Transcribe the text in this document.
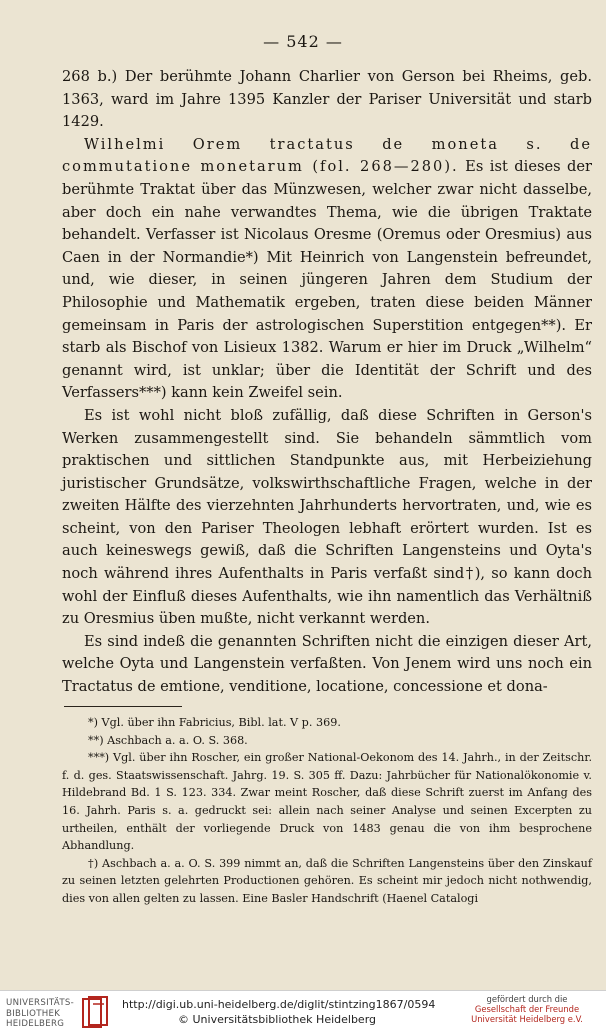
— 542 —

268 b.) Der berühmte Johann Charlier von Gerson bei Rheims, geb. 1363, ward im Jahre 1395 Kanzler der Pariser Universität und starb 1429.

Wilhelmi Orem tractatus de moneta s. de commutatione monetarum (fol. 268—280). Es ist dieses der berühmte Traktat über das Münzwesen, welcher zwar nicht dasselbe, aber doch ein nahe verwandtes Thema, wie die übrigen Traktate behandelt. Verfasser ist Nicolaus Oresme (Oremus oder Oresmius) aus Caen in der Normandie*) Mit Heinrich von Langenstein befreundet, und, wie dieser, in seinen jüngeren Jahren dem Studium der Philosophie und Mathematik ergeben, traten diese beiden Männer gemeinsam in Paris der astrologischen Superstition entgegen**). Er starb als Bischof von Lisieux 1382. Warum er hier im Druck „Wilhelm“ genannt wird, ist unklar; über die Identität der Schrift und des Verfassers***) kann kein Zweifel sein.

Es ist wohl nicht bloß zufällig, daß diese Schriften in Gerson's Werken zusammengestellt sind. Sie behandeln sämmtlich vom praktischen und sittlichen Standpunkte aus, mit Herbeiziehung juristischer Grundsätze, volkswirthschaftliche Fragen, welche in der zweiten Hälfte des vierzehnten Jahrhunderts hervortraten, und, wie es scheint, von den Pariser Theologen lebhaft erörtert wurden. Ist es auch keineswegs gewiß, daß die Schriften Langensteins und Oyta's noch während ihres Aufenthalts in Paris verfaßt sind†), so kann doch wohl der Einfluß dieses Aufenthalts, wie ihn namentlich das Verhältniß zu Oresmius üben mußte, nicht verkannt werden.

Es sind indeß die genannten Schriften nicht die einzigen dieser Art, welche Oyta und Langenstein verfaßten. Von Jenem wird uns noch ein Tractatus de emtione, venditione, locatione, concessione et dona-

*) Vgl. über ihn Fabricius, Bibl. lat. V p. 369.

**) Aschbach a. a. O. S. 368.

***) Vgl. über ihn Roscher, ein großer National-Oekonom des 14. Jahrh., in der Zeitschr. f. d. ges. Staatswissenschaft. Jahrg. 19. S. 305 ff. Dazu: Jahrbücher für Nationalökonomie v. Hildebrand Bd. 1 S. 123. 334. Zwar meint Roscher, daß diese Schrift zuerst im Anfang des 16. Jahrh. Paris s. a. gedruckt sei: allein nach seiner Analyse und seinen Excerpten zu urtheilen, enthält der vorliegende Druck von 1483 genau die von ihm besprochene Abhandlung.

†) Aschbach a. a. O. S. 399 nimmt an, daß die Schriften Langensteins über den Zinskauf zu seinen letzten gelehrten Productionen gehören. Es scheint mir jedoch nicht nothwendig, dies von allen gelten zu lassen. Eine Basler Handschrift (Haenel Catalogi

UNIVERSITÄTS-
BIBLIOTHEK
HEIDELBERG
http://digi.ub.uni-heidelberg.de/diglit/stintzing1867/0594
© Universitätsbibliothek Heidelberg
gefördert durch die
Gesellschaft der Freunde
Universität Heidelberg e.V.
